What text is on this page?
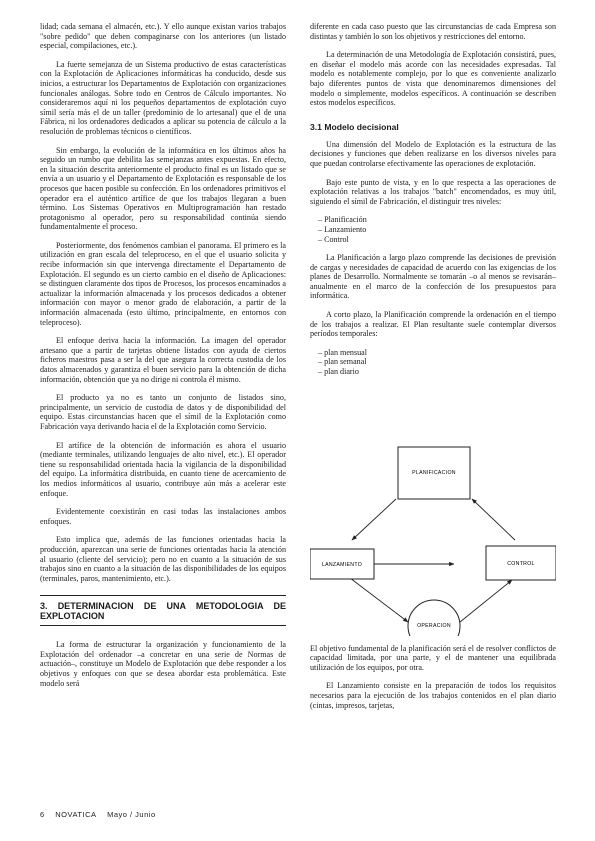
lidad; cada semana el almacén, etc.). Y ello aunque existan varios trabajos "sobre pedido" que deben compaginarse con los anteriores (un listado especial, compilaciones, etc.).

La fuerte semejanza de un Sistema productivo de estas características con la Explotación de Aplicaciones informáticas ha conducido, desde sus inicios, a estructurar los Departamentos de Explotación con organizaciones funcionales análogas. Sobre todo en Centros de Cálculo importantes. No consideraremos aquí ni los pequeños departamentos de explotación cuyo símil sería más el de un taller (predominio de lo artesanal) que el de una Fábrica, ni los ordenadores dedicados a aplicar su potencia de cálculo a la resolución de problemas técnicos o científicos.

Sin embargo, la evolución de la informática en los últimos años ha seguido un rumbo que debilita las semejanzas antes expuestas. En efecto, en la situación descrita anteriormente el producto final es un listado que se envía a un usuario y el Departamento de Explotación es responsable de los procesos que hacen posible su confección. En los ordenadores primitivos el operador era el auténtico artífice de que los trabajos llegaran a buen término. Los Sistemas Operativos en Multiprogramación han restado protagonismo al operador, pero su responsabilidad continúa siendo fundamentalmente el proceso.

Posteriormente, dos fenómenos cambian el panorama. El primero es la utilización en gran escala del teleproceso, en el que el usuario solicita y recibe información sin que intervenga directamente el Departamento de Explotación. El segundo es un cierto cambio en el diseño de Aplicaciones: se distinguen claramente dos tipos de Procesos, los procesos encaminados a actualizar la información almacenada y los procesos dedicados a obtener información con mayor o menor grado de elaboración, a partir de la información almacenada (esto último, principalmente, en entornos con teleproceso).

El enfoque deriva hacia la información. La imagen del operador artesano que a partir de tarjetas obtiene listados con ayuda de ciertos ficheros maestros pasa a ser la del que asegura la correcta custodia de los datos almacenados y garantiza el buen servicio para la obtención de dicha información, obtención que ya no dirige ni controla él mismo.

El producto ya no es tanto un conjunto de listados sino, principalmente, un servicio de custodia de datos y de disponibilidad del equipo. Estas circunstancias hacen que el símil de la Explotación como Fabricación vaya derivando hacia el de la Explotación como Servicio.

El artífice de la obtención de información es ahora el usuario (mediante terminales, utilizando lenguajes de alto nivel, etc.). El operador tiene su responsabilidad orientada hacia la vigilancia de la disponibilidad del equipo. La informática distribuida, en cuanto tiene de acercamiento de los medios informáticos al usuario, contribuye aún más a acelerar este enfoque.

Evidentemente coexistirán en casi todas las instalaciones ambos enfoques.

Esto implica que, además de las funciones orientadas hacia la producción, aparezcan una serie de funciones orientadas hacia la atención al usuario (cliente del servicio); pero no en cuanto a la situación de sus trabajos sino en cuanto a la situación de las disponibilidades de los equipos (terminales, paros, mantenimiento, etc.).

3. DETERMINACION DE UNA METODOLOGIA DE EXPLOTACION

La forma de estructurar la organización y funcionamiento de la Explotación del ordenador –a concretar en una serie de Normas de actuación–, constituye un Modelo de Explotación que debe responder a los objetivos y enfoques con que se desea abordar esta problemática. Este modelo será

diferente en cada caso puesto que las circunstancias de cada Empresa son distintas y también lo son los objetivos y restricciones del entorno.

La determinación de una Metodología de Explotación consistirá, pues, en diseñar el modelo más acorde con las necesidades expresadas. Tal modelo es notablemente complejo, por lo que es conveniente analizarlo bajo diferentes puntos de vista que denominaremos dimensiones del modelo o simplemente, modelos específicos. A continuación se describen estos modelos específicos.

3.1 Modelo decisional

Una dimensión del Modelo de Explotación es la estructura de las decisiones y funciones que deben realizarse en los diversos niveles para que puedan controlarse efectivamente las operaciones de explotación.

Bajo este punto de vista, y en lo que respecta a las operaciones de explotación relativas a los trabajos "batch" encomendados, es muy útil, siguiendo el símil de Fabricación, el distinguir tres niveles:

– Planificación
– Lanzamiento
– Control

La Planificación a largo plazo comprende las decisiones de previsión de cargas y necesidades de capacidad de acuerdo con las exigencias de los planes de Desarrollo. Normalmente se tomarán –o al menos se revisarán– anualmente en el marco de la confección de los presupuestos para informática.

A corto plazo, la Planificación comprende la ordenación en el tiempo de los trabajos a realizar. El Plan resultante suele contemplar diversos períodos temporales:

– plan mensual
– plan semanal
– plan diario
PLANIFICACION
LANZAMIENTO	CONTROL
OPERACION

El objetivo fundamental de la planificación será el de resolver conflictos de capacidad limitada, por una parte, y el de mantener una equilibrada utilización de los equipos, por otra.

El Lanzamiento consiste en la preparación de todos los requisitos necesarios para la ejecución de los trabajos contenidos en el plan diario (cintas, impresos, tarjetas,

6 NOVATICA Mayo / Junio
